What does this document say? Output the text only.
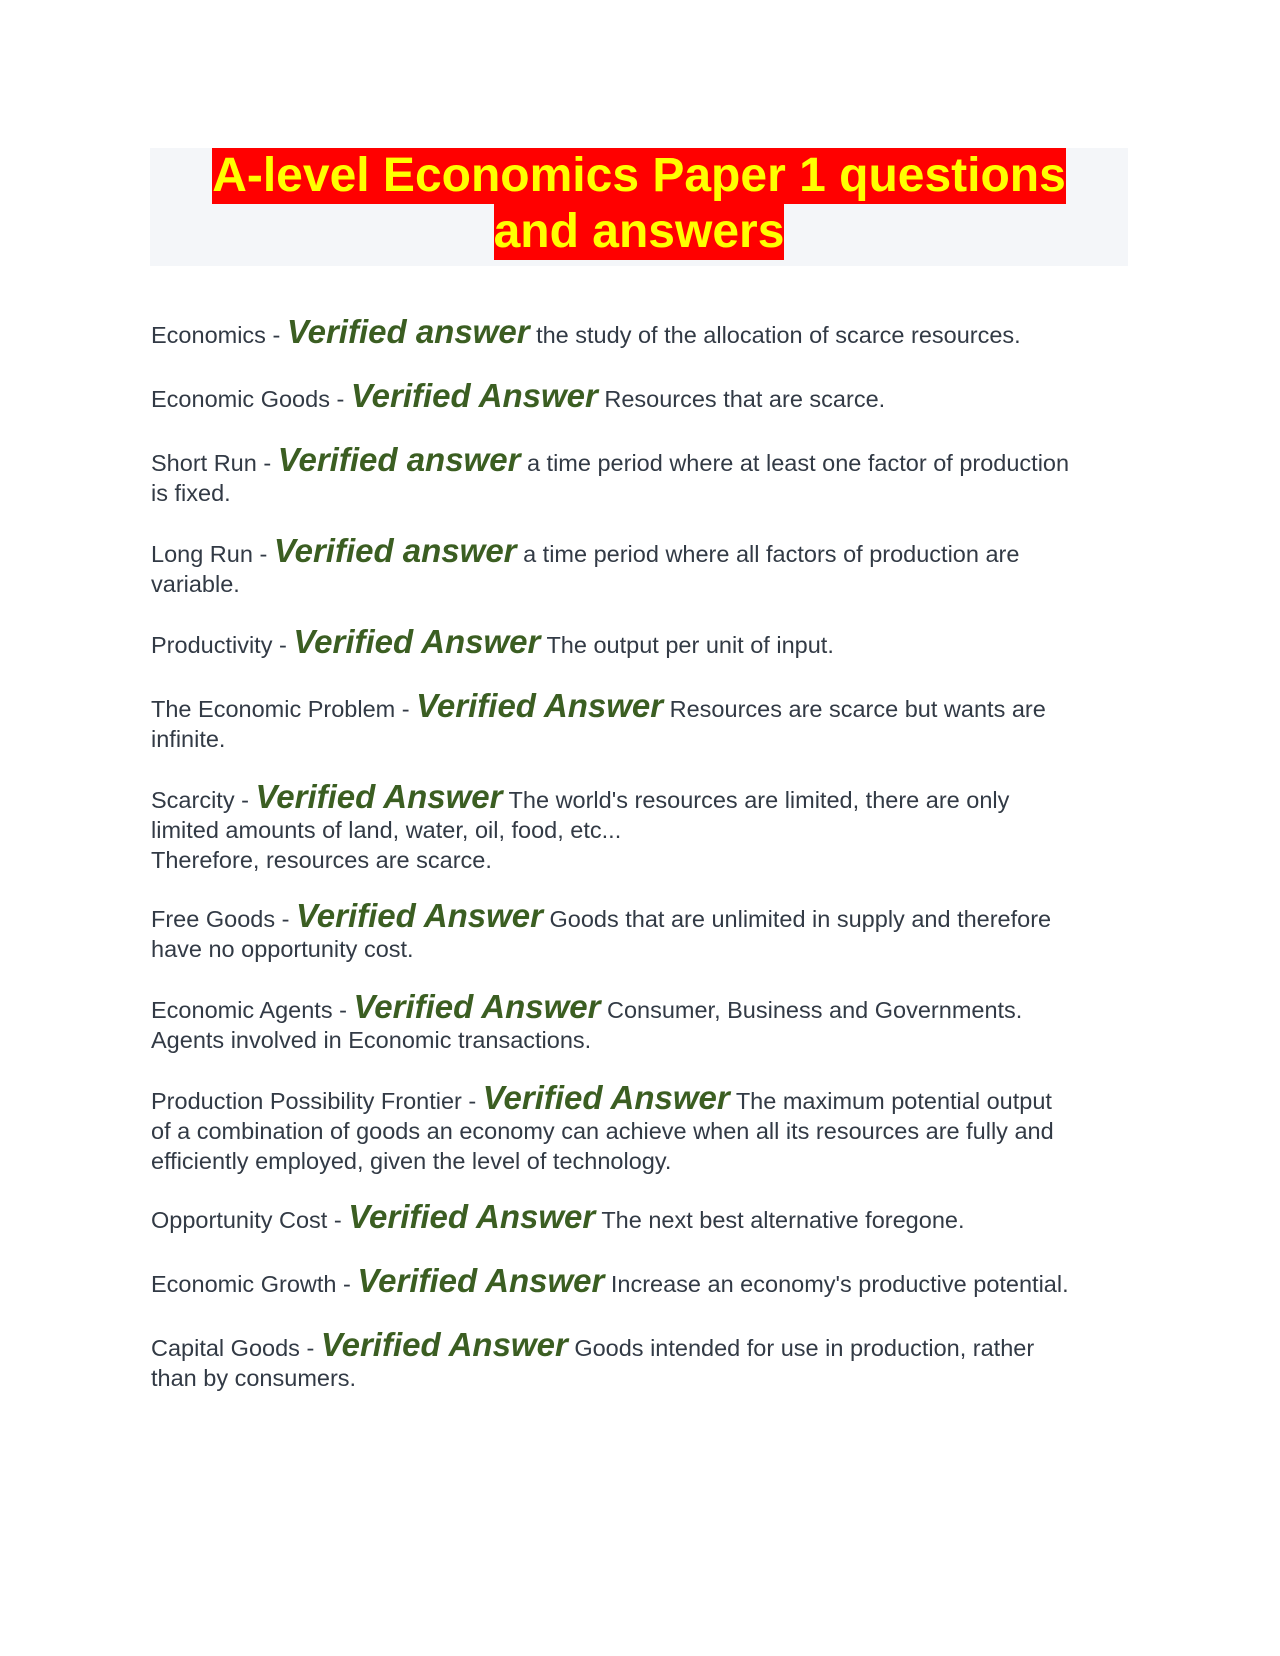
A-level Economics Paper 1 questions
and answers
Economics - Verified answer the study of the allocation of scarce resources.
Economic Goods - Verified Answer Resources that are scarce.
Short Run - Verified answer a time period where at least one factor of production
is fixed.
Long Run - Verified answer a time period where all factors of production are
variable.
Productivity - Verified Answer The output per unit of input.
The Economic Problem - Verified Answer Resources are scarce but wants are
infinite.
Scarcity - Verified Answer The world's resources are limited, there are only
limited amounts of land, water, oil, food, etc...
Therefore, resources are scarce.
Free Goods - Verified Answer Goods that are unlimited in supply and therefore
have no opportunity cost.
Economic Agents - Verified Answer Consumer, Business and Governments.
Agents involved in Economic transactions.
Production Possibility Frontier - Verified Answer The maximum potential output
of a combination of goods an economy can achieve when all its resources are fully and
efficiently employed, given the level of technology.
Opportunity Cost - Verified Answer The next best alternative foregone.
Economic Growth - Verified Answer Increase an economy's productive potential.
Capital Goods - Verified Answer Goods intended for use in production, rather
than by consumers.
